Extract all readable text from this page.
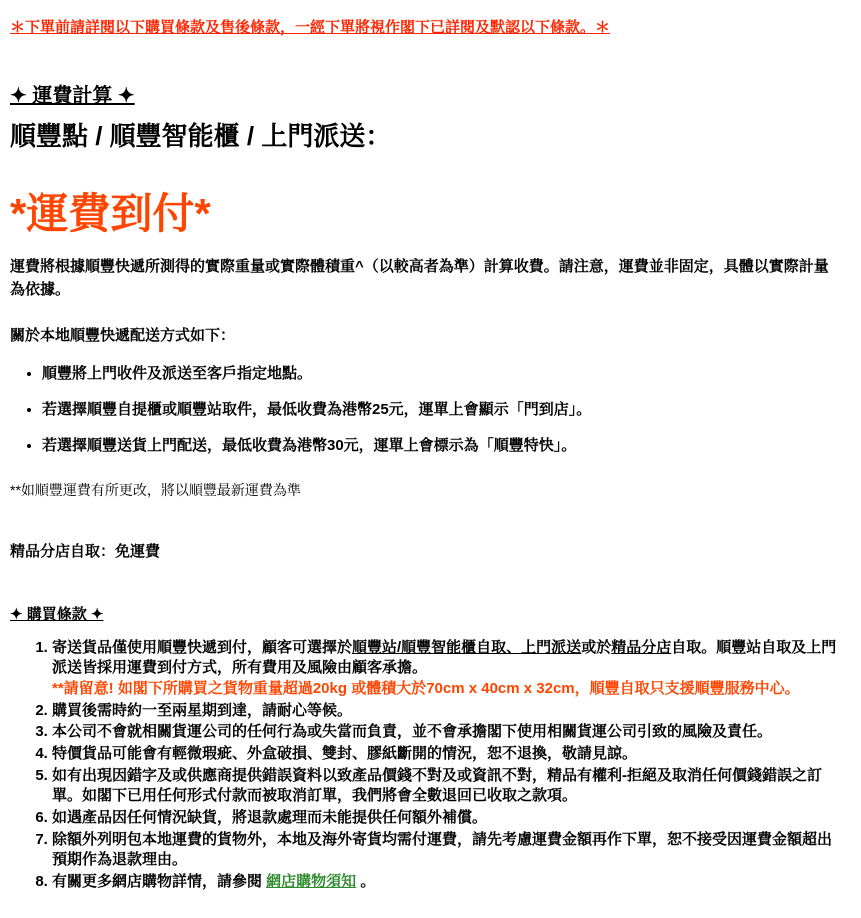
＊下單前請詳閱以下購買條款及售後條款，一經下單將視作閣下已詳閱及默認以下條款。＊

✦ 運費計算 ✦
順豐點 / 順豐智能櫃 / 上門派送：
*運費到付*

運費將根據順豐快遞所測得的實際重量或實際體積重^（以較高者為準）計算收費。請注意，運費並非固定，具體以實際計量為依據。

關於本地順豐快遞配送方式如下：

• 順豐將上門收件及派送至客戶指定地點。
• 若選擇順豐自提櫃或順豐站取件，最低收費為港幣25元，運單上會顯示「門到店」。
• 若選擇順豐送貨上門配送，最低收費為港幣30元，運單上會標示為「順豐特快」。

**如順豐運費有所更改，將以順豐最新運費為準

精品分店自取：免運費

✦ 購買條款 ✦
1. 寄送貨品僅使用順豐快遞到付，顧客可選擇於順豐站/順豐智能櫃自取、上門派送或於精品分店自取。順豐站自取及上門派送皆採用運費到付方式，所有費用及風險由顧客承擔。
**請留意! 如閣下所購買之貨物重量超過20kg 或體積大於70cm x 40cm x 32cm，順豐自取只支援順豐服務中心。
2. 購買後需時約一至兩星期到達，請耐心等候。
3. 本公司不會就相關貨運公司的任何行為或失當而負責，並不會承擔閣下使用相關貨運公司引致的風險及責任。
4. 特價貨品可能會有輕微瑕疵、外盒破損、雙封、膠紙斷開的情況，恕不退換，敬請見諒。
5. 如有出現因錯字及或供應商提供錯誤資料以致產品價錢不對及或資訊不對，精品有權利-拒絕及取消任何價錢錯誤之訂單。如閣下已用任何形式付款而被取消訂單，我們將會全數退回已收取之款項。
6. 如遇產品因任何情況缺貨，將退款處理而未能提供任何額外補償。
7. 除額外列明包本地運費的貨物外，本地及海外寄貨均需付運費，請先考慮運費金額再作下單，恕不接受因運費金額超出預期作為退款理由。
8. 有關更多網店購物詳情，請參閱 網店購物須知 。
